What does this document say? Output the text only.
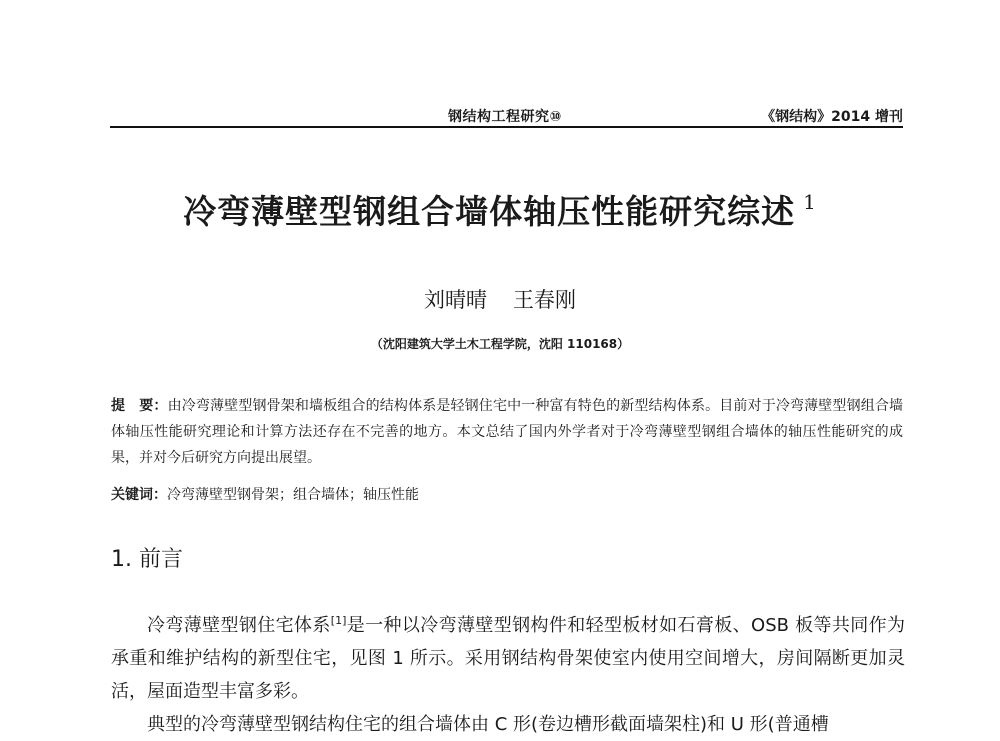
钢结构工程研究⑩	《钢结构》2014 增刊
冷弯薄壁型钢组合墙体轴压性能研究综述 $^1$
刘晴晴 王春刚
（沈阳建筑大学土木工程学院，沈阳 110168）
提　要：由冷弯薄壁型钢骨架和墙板组合的结构体系是轻钢住宅中一种富有特色的新型结构体系。目前对于冷弯薄壁型钢组合墙体轴压性能研究理论和计算方法还存在不完善的地方。本文总结了国内外学者对于冷弯薄壁型钢组合墙体的轴压性能研究的成果，并对今后研究方向提出展望。
关键词：冷弯薄壁型钢骨架；组合墙体；轴压性能
1. 前言

冷弯薄壁型钢住宅体系[1]是一种以冷弯薄壁型钢构件和轻型板材如石膏板、OSB 板等共同作为承重和维护结构的新型住宅，见图 1 所示。采用钢结构骨架使室内使用空间增大，房间隔断更加灵活，屋面造型丰富多彩。

典型的冷弯薄壁型钢结构住宅的组合墙体由 C 形(卷边槽形截面墙架柱)和 U 形(普通槽
